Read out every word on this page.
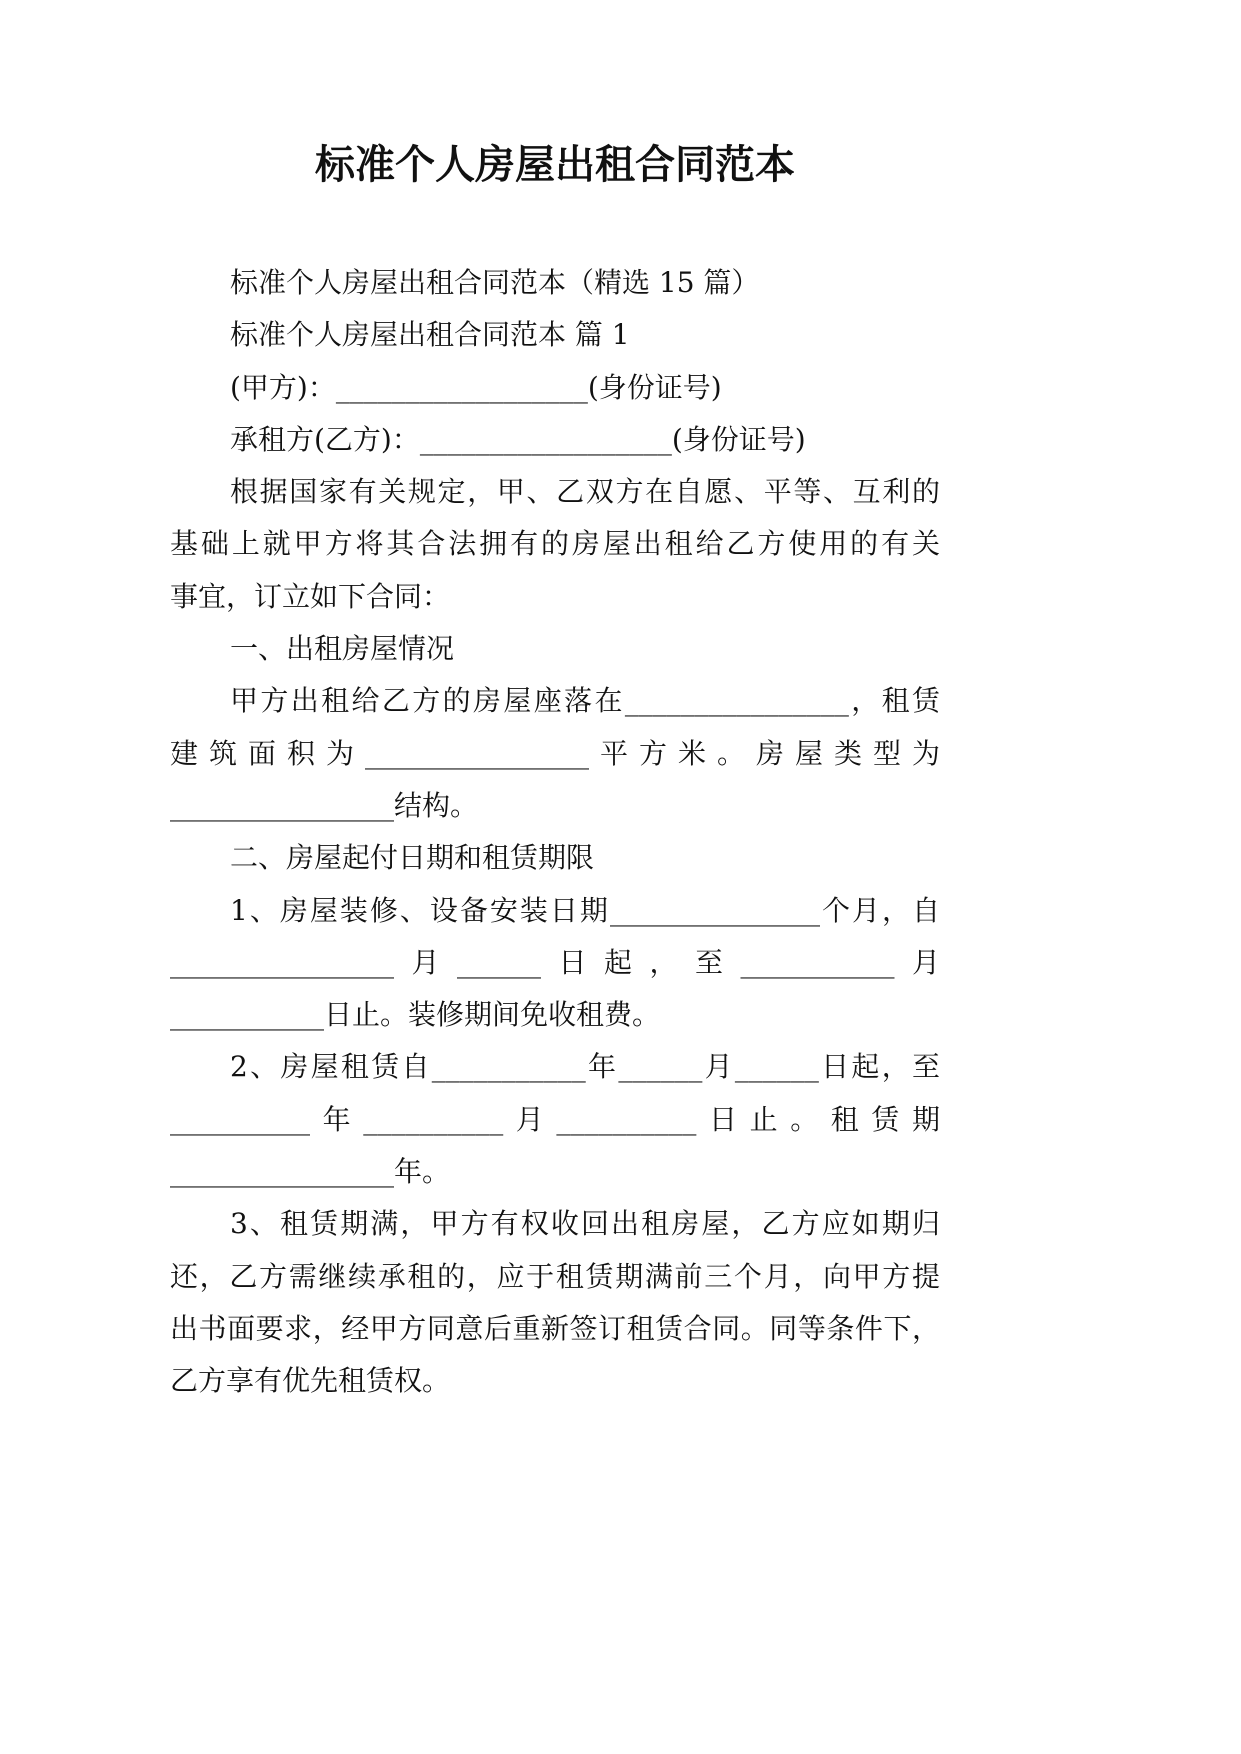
标准个人房屋出租合同范本
标准个人房屋出租合同范本（精选 15 篇）
标准个人房屋出租合同范本 篇 1
(甲方)：__________________(身份证号)
承租方(乙方)：__________________(身份证号)
根据国家有关规定，甲、乙双方在自愿、平等、互利的
基础上就甲方将其合法拥有的房屋出租给乙方使用的有关
事宜，订立如下合同：
一、出租房屋情况
甲方出租给乙方的房屋座落在________________，租赁
建筑面积为________________平方米。房屋类型为
________________结构。
二、房屋起付日期和租赁期限
1、房屋装修、设备安装日期_______________个月，自
________________月______日起，至___________月
___________日止。装修期间免收租费。
2、房屋租赁自___________年______月______日起，至
__________年__________月__________日止。租赁期
________________年。
3、租赁期满，甲方有权收回出租房屋，乙方应如期归
还，乙方需继续承租的，应于租赁期满前三个月，向甲方提
出书面要求，经甲方同意后重新签订租赁合同。同等条件下，
乙方享有优先租赁权。
